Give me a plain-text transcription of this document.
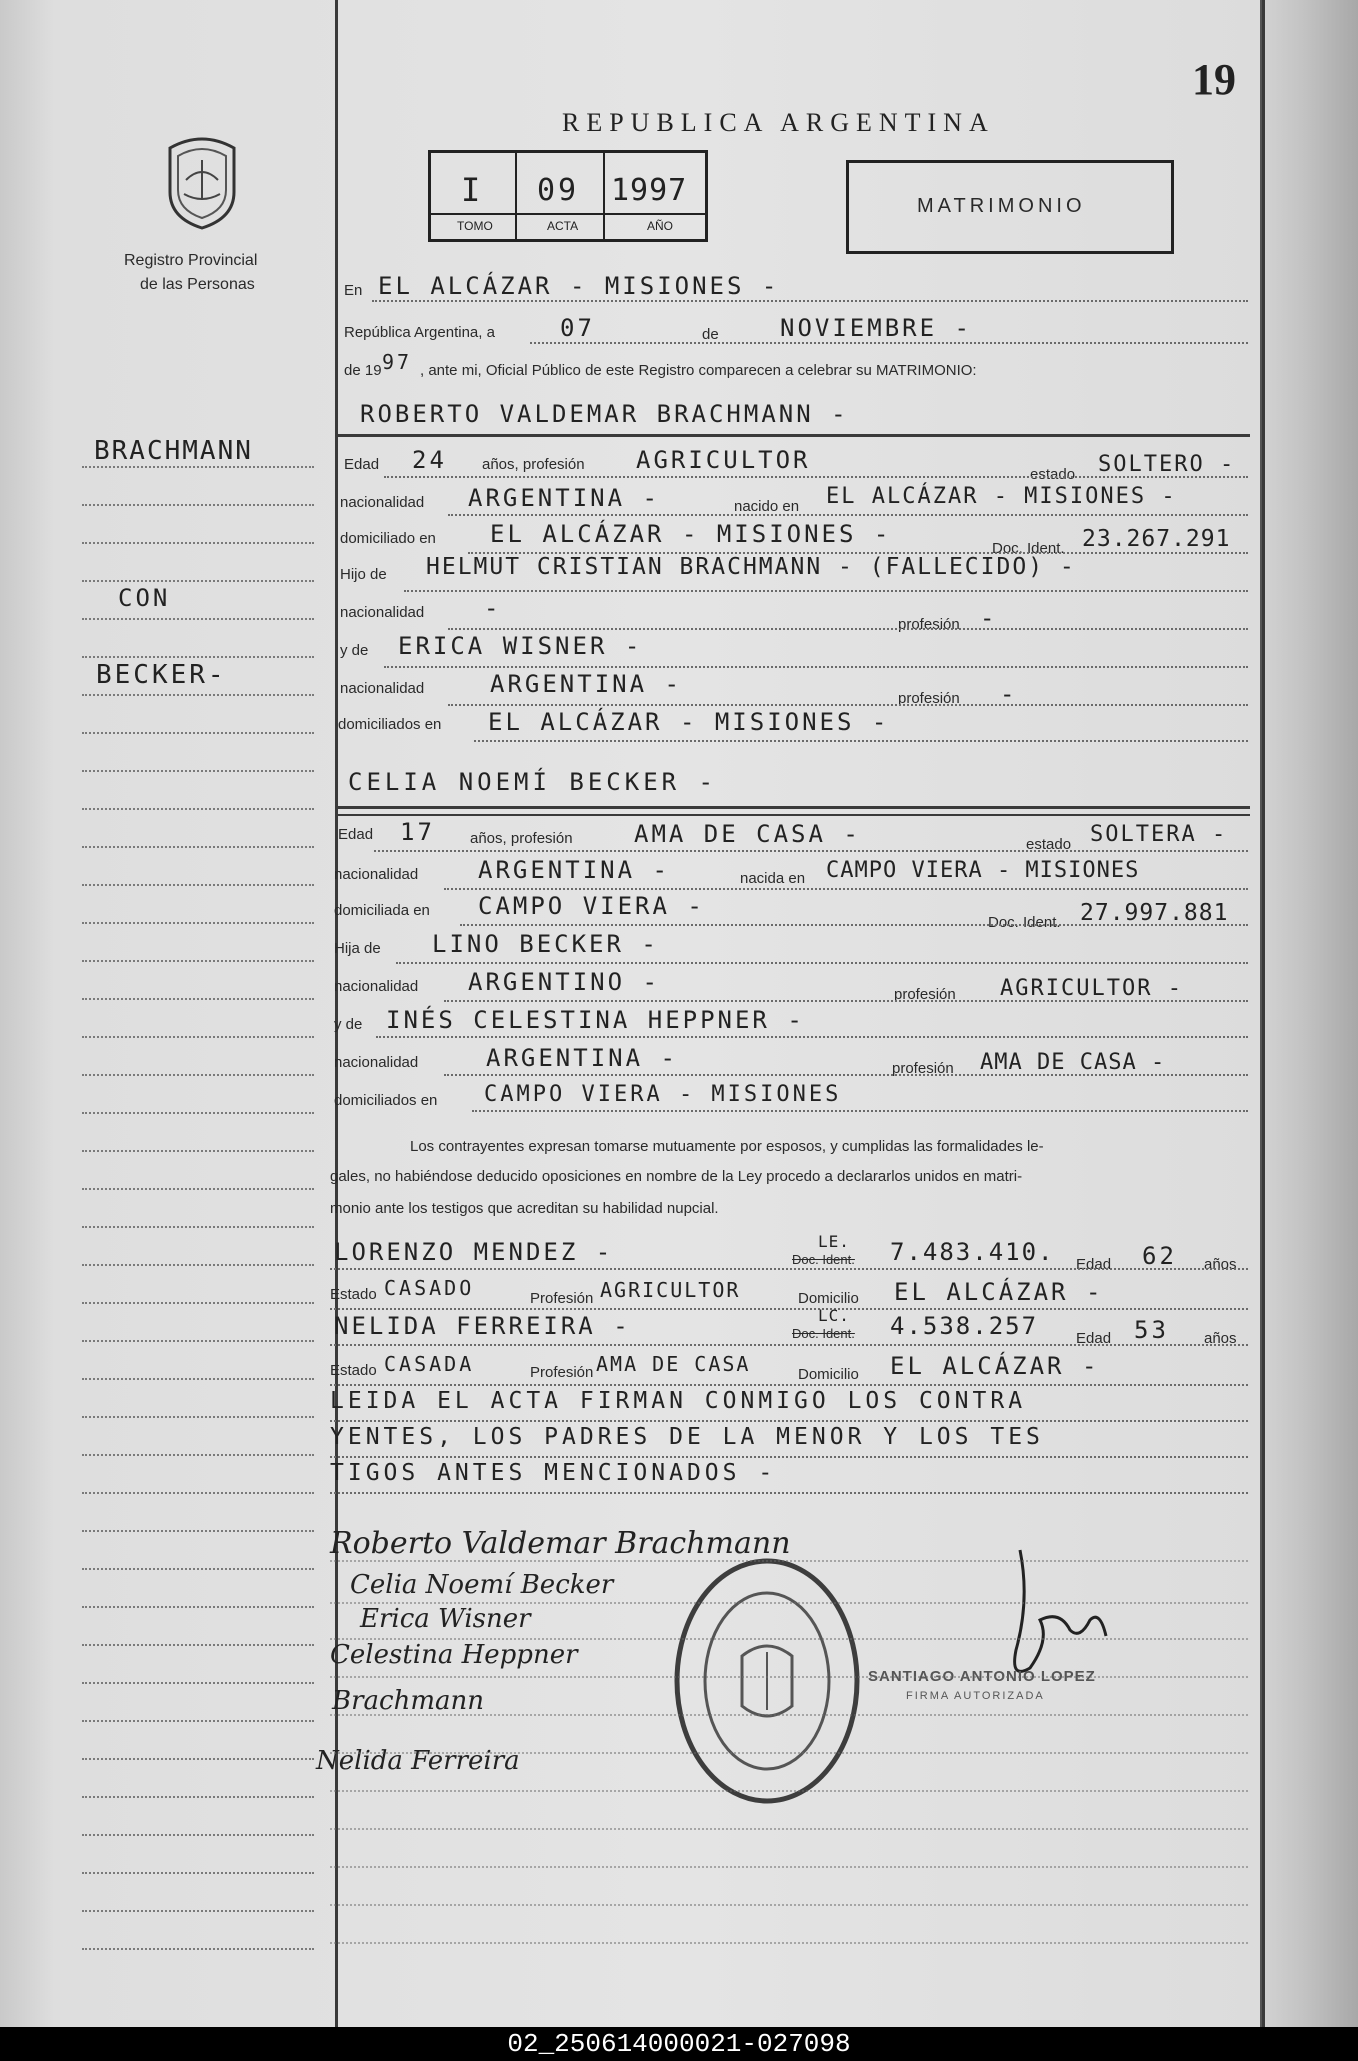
19
REPUBLICA ARGENTINA
Registro Provincial
de las Personas
I 09 1997
TOMO	ACTA	AÑO
MATRIMONIO
BRACHMANN
CON
BECKER-
En EL ALCÁZAR - MISIONES -
República Argentina, a	07	de	NOVIEMBRE -
de 19 97 , ante mi, Oficial Público de este Registro comparecen a celebrar su MATRIMONIO:
ROBERTO VALDEMAR BRACHMANN -
Edad 24 años, profesión AGRICULTOR
estado SOLTERO -
nacionalidad ARGENTINA -	nacido en EL ALCÁZAR - MISIONES -
domiciliado en EL ALCÁZAR - MISIONES -
Doc. Ident. 23.267.291
Hijo de HELMUT CRISTIAN BRACHMANN - (FALLECIDO) -
nacionalidad -
profesión -
y de ERICA WISNER -
nacionalidad	ARGENTINA -
profesión -
domiciliados en EL ALCÁZAR - MISIONES -
CELIA NOEMÍ BECKER -
Edad 17 años, profesión	AMA DE CASA -	estado SOLTERA -
nacionalidad ARGENTINA -	nacida en CAMPO VIERA - MISIONES
domiciliada en CAMPO VIERA -
Doc. Ident. 27.997.881
Hija de LINO BECKER -
nacionalidad ARGENTINO -	profesión AGRICULTOR -
y de INÉS CELESTINA HEPPNER -
nacionalidad	ARGENTINA -	profesión AMA DE CASA -
domiciliados en CAMPO VIERA - MISIONES
Los contrayentes expresan tomarse mutuamente por esposos, y cumplidas las formalidades le-
gales, no habiéndose deducido oposiciones en nombre de la Ley procedo a declararlos unidos en matri-
monio ante los testigos que acreditan su habilidad nupcial.
LORENZO MENDEZ -	LE.
Doc. Ident. 7.483.410. Edad 62 años
Estado CASADO	Profesión AGRICULTOR	Domicilio EL ALCÁZAR -
NELIDA FERREIRA -	LC.
Doc. Ident. 4.538.257	Edad 53 años
Estado CASADA	Profesión AMA DE CASA	Domicilio EL ALCÁZAR -
LEIDA EL ACTA FIRMAN CONMIGO LOS CONTRA
YENTES, LOS PADRES DE LA MENOR Y LOS TES
TIGOS ANTES MENCIONADOS -
Roberto Valdemar Brachmann
Celia Noemí Becker
Erica Wisner
Celestina Heppner
Brachmann
Nelida Ferreira
SANTIAGO ANTONIO LOPEZ
FIRMA AUTORIZADA
02_250614000021-027098
